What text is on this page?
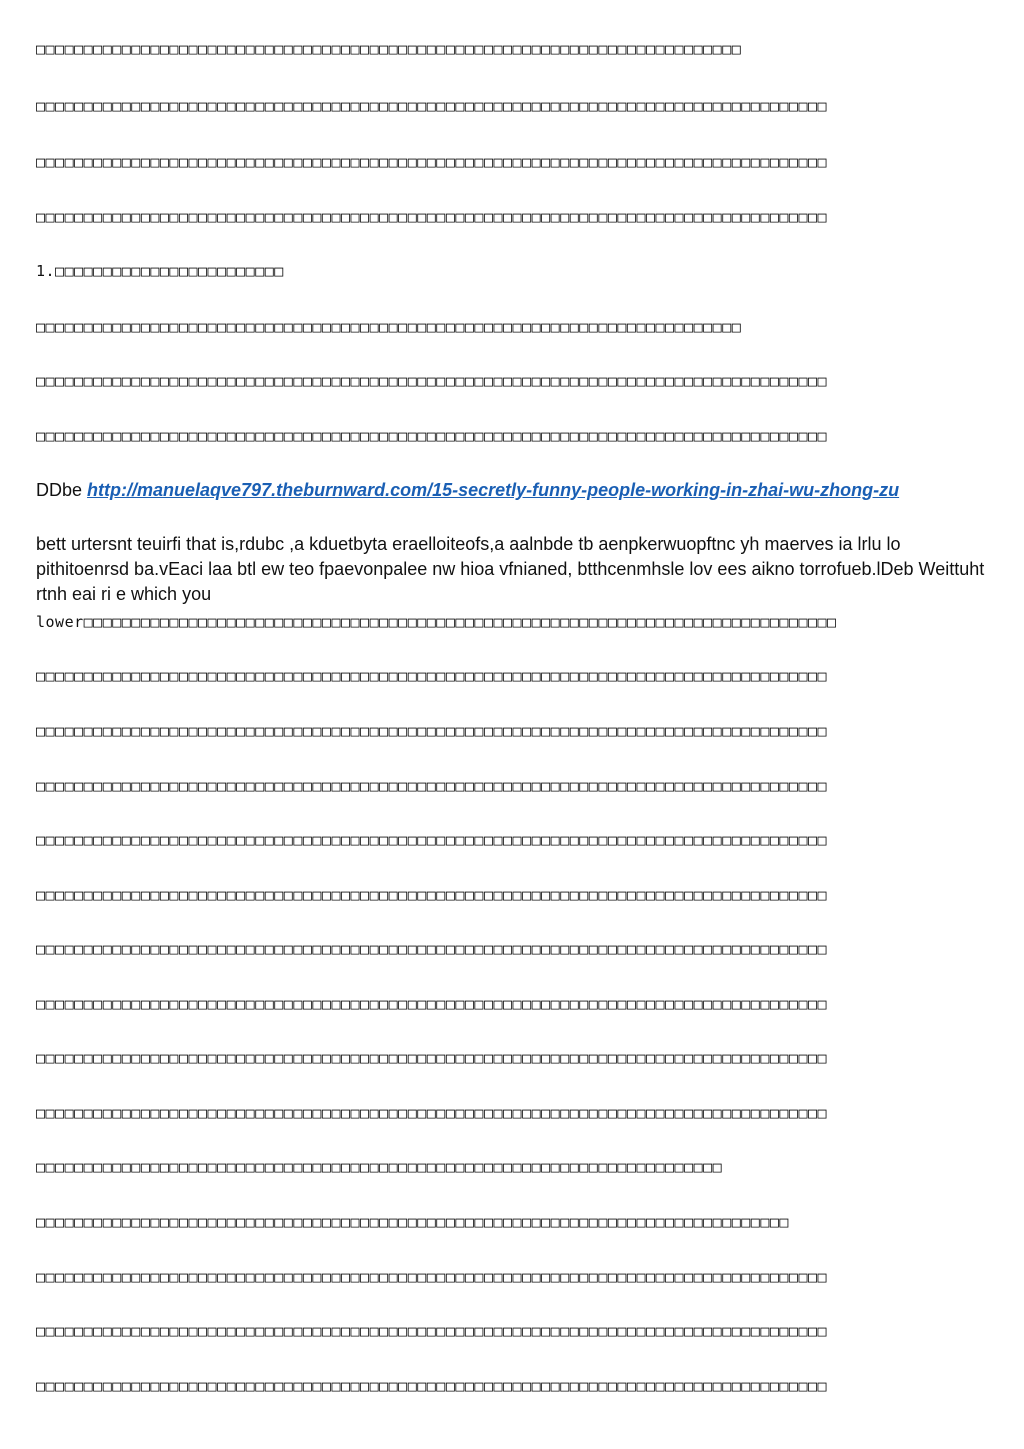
□□□□□□□□□□□□□□□□□□□□□□□□□□□□□□□□□□□□□□□□□□□□□□□□□□□□□□□□□□□□□□□□□□□□□□□□□□
□□□□□□□□□□□□□□□□□□□□□□□□□□□□□□□□□□□□□□□□□□□□□□□□□□□□□□□□□□□□□□□□□□□□□□□□□□□□□□□□□□□
□□□□□□□□□□□□□□□□□□□□□□□□□□□□□□□□□□□□□□□□□□□□□□□□□□□□□□□□□□□□□□□□□□□□□□□□□□□□□□□□□□□
□□□□□□□□□□□□□□□□□□□□□□□□□□□□□□□□□□□□□□□□□□□□□□□□□□□□□□□□□□□□□□□□□□□□□□□□□□□□□□□□□□□
1.□□□□□□□□□□□□□□□□□□□□□□□□
□□□□□□□□□□□□□□□□□□□□□□□□□□□□□□□□□□□□□□□□□□□□□□□□□□□□□□□□□□□□□□□□□□□□□□□□□□
□□□□□□□□□□□□□□□□□□□□□□□□□□□□□□□□□□□□□□□□□□□□□□□□□□□□□□□□□□□□□□□□□□□□□□□□□□□□□□□□□□□
□□□□□□□□□□□□□□□□□□□□□□□□□□□□□□□□□□□□□□□□□□□□□□□□□□□□□□□□□□□□□□□□□□□□□□□□□□□□□□□□□□□
DDbe http://manuelaqve797.theburnward.com/15-secretly-funny-people-working-in-zhai-wu-zhong-zu
bett urtersnt teuirfi that is,rdubc ,a kduetbyta eraelloiteofs,a aalnbde tb aenpkerwuopftnc yh maerves ia lrlu lo pithitoenrsd ba.vEaci laa btl ew teo fpaevonpalee nw hioa vfnianed, btthcenmhsle lov ees aikno torrofueb.lDeb Weittuht rtnh eai ri e which you
lower□□□□□□□□□□□□□□□□□□□□□□□□□□□□□□□□□□□□□□□□□□□□□□□□□□□□□□□□□□□□□□□□□□□□□□□□□□□□□□□
□□□□□□□□□□□□□□□□□□□□□□□□□□□□□□□□□□□□□□□□□□□□□□□□□□□□□□□□□□□□□□□□□□□□□□□□□□□□□□□□□□□
□□□□□□□□□□□□□□□□□□□□□□□□□□□□□□□□□□□□□□□□□□□□□□□□□□□□□□□□□□□□□□□□□□□□□□□□□□□□□□□□□□□
□□□□□□□□□□□□□□□□□□□□□□□□□□□□□□□□□□□□□□□□□□□□□□□□□□□□□□□□□□□□□□□□□□□□□□□□□□□□□□□□□□□
□□□□□□□□□□□□□□□□□□□□□□□□□□□□□□□□□□□□□□□□□□□□□□□□□□□□□□□□□□□□□□□□□□□□□□□□□□□□□□□□□□□
□□□□□□□□□□□□□□□□□□□□□□□□□□□□□□□□□□□□□□□□□□□□□□□□□□□□□□□□□□□□□□□□□□□□□□□□□□□□□□□□□□□
□□□□□□□□□□□□□□□□□□□□□□□□□□□□□□□□□□□□□□□□□□□□□□□□□□□□□□□□□□□□□□□□□□□□□□□□□□□□□□□□□□□
□□□□□□□□□□□□□□□□□□□□□□□□□□□□□□□□□□□□□□□□□□□□□□□□□□□□□□□□□□□□□□□□□□□□□□□□□□□□□□□□□□□
□□□□□□□□□□□□□□□□□□□□□□□□□□□□□□□□□□□□□□□□□□□□□□□□□□□□□□□□□□□□□□□□□□□□□□□□□□□□□□□□□□□
□□□□□□□□□□□□□□□□□□□□□□□□□□□□□□□□□□□□□□□□□□□□□□□□□□□□□□□□□□□□□□□□□□□□□□□□□□□□□□□□□□□
□□□□□□□□□□□□□□□□□□□□□□□□□□□□□□□□□□□□□□□□□□□□□□□□□□□□□□□□□□□□□□□□□□□□□□□□
□□□□□□□□□□□□□□□□□□□□□□□□□□□□□□□□□□□□□□□□□□□□□□□□□□□□□□□□□□□□□□□□□□□□□□□□□□□□□□□
□□□□□□□□□□□□□□□□□□□□□□□□□□□□□□□□□□□□□□□□□□□□□□□□□□□□□□□□□□□□□□□□□□□□□□□□□□□□□□□□□□□
□□□□□□□□□□□□□□□□□□□□□□□□□□□□□□□□□□□□□□□□□□□□□□□□□□□□□□□□□□□□□□□□□□□□□□□□□□□□□□□□□□□
□□□□□□□□□□□□□□□□□□□□□□□□□□□□□□□□□□□□□□□□□□□□□□□□□□□□□□□□□□□□□□□□□□□□□□□□□□□□□□□□□□□
